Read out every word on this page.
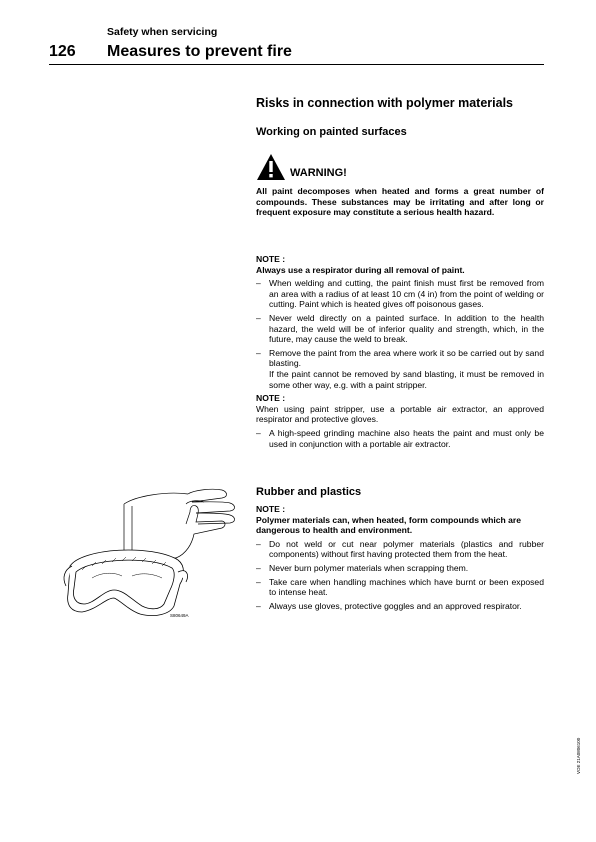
Safety when servicing
126 Measures to prevent fire
Risks in connection with polymer materials
Working on painted surfaces
WARNING!
All paint decomposes when heated and forms a great number of compounds. These substances may be irritating and after long or frequent exposure may constitute a serious health hazard.
NOTE :
Always use a respirator during all removal of paint.
– When welding and cutting, the paint finish must first be removed from an area with a radius of at least 10 cm (4 in) from the point of welding or cutting. Paint which is heated gives off poisonous gases.
– Never weld directly on a painted surface. In addition to the health hazard, the weld will be of inferior quality and strength, which, in the future, may cause the weld to break.
– Remove the paint from the area where work it so be carried out by sand blasting.
If the paint cannot be removed by sand blasting, it must be removed in some other way, e.g. with a paint stripper.
NOTE :
When using paint stripper, use a portable air extractor, an approved respirator and protective gloves.
– A high-speed grinding machine also heats the paint and must only be used in conjunction with a portable air extractor.
Rubber and plastics
NOTE :
Polymer materials can, when heated, form compounds which are dangerous to health and environment.
– Do not weld or cut near polymer materials (plastics and rubber components) without first having protected them from the heat.
– Never burn polymer materials when scrapping them.
– Take care when handling machines which have burnt or been exposed to intense heat.
– Always use gloves, protective goggles and an approved respirator.
S80649A
VOE 21A0806100
